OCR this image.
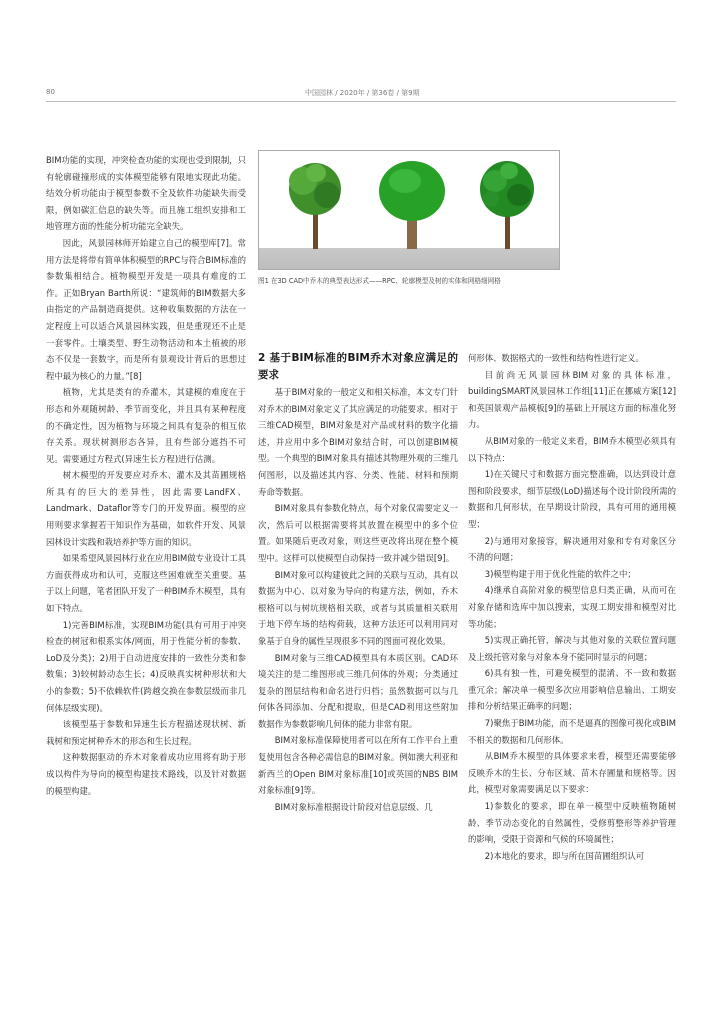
80	中国园林 / 2020年 / 第36卷 / 第9期

BIM功能的实现，冲突检查功能的实现也受到限制，只有轮廓碰撞形成的实体模型能够有限地实现此功能。结效分析功能由于模型参数不全及软件功能缺失而受限，例如碳汇信息的缺失等。而且施工组织安排和工地管理方面的性能分析功能完全缺失。

因此，风景园林师开始建立自己的模型库[7]。常用方法是将带有简单体积模型的RPC与符合BIM标准的参数集相结合。植物模型开发是一项具有难度的工作。正如Bryan Barth所说：“建筑师的BIM数据大多由指定的产品制造商提供。这种收集数据的方法在一定程度上可以适合风景园林实践，但是重现还不止是一套零件。土壤类型、野生动物活动和本土植被的形态不仅是一套数字，而是所有景观设计背后的思想过程中最为核心的力量。”[8]

植物，尤其是类有的乔灌木，其建模的难度在于形态和外观随树龄、季节而变化，并且具有某种程度的不确定性，因为植物与环境之间具有复杂的相互依存关系。现状树测形态各异，且有些部分遮挡不可见。需要通过方程式(异速生长方程)进行估测。

树木模型的开发要应对乔木、灌木及其苗圃规格所具有的巨大的差异性，因此需要LandFX、Landmark、Dataflor等专门的开发界面。模型的应用则要求掌握若干知识作为基础，如软件开发、风景园林设计实践和栽培养护等方面的知识。

如果希望风景园林行业在应用BIM做专业设计工具方面获得成功和认可，克服这些困难就至关重要。基于以上问题，笔者团队开发了一种BIM乔木模型，具有如下特点。

1)完善BIM标准，实现BIM功能(具有可用于冲突检查的树冠和根系实体/网面，用于性能分析的参数、LoD及分类)；2)用于自动进度安排的一致性分类和参数集；3)较树龄动态生长；4)反映真实树种形状和大小的参数；5)不依赖软件(跨越交换在参数层级而非几何体层级实现)。

该模型基于参数和异速生长方程描述现状树、新栽树和预定树种乔木的形态和生长过程。

这种数据驱动的乔木对象着成功应用将有助于形成以构件为导向的模型构建技术路线，以及针对数据的模型构建。

图1 在3D CAD中乔木的典型表达形式——RPC、轮廓模型及树的实体和网格细网格
2 基于BIM标准的BIM乔木对象应满足的要求

基于BIM对象的一般定义和相关标准，本文专门针对乔木的BIM对象定义了其应满足的功能要求。相对于三维CAD模型，BIM对象是对产品或材料的数字化描述，并应用中多个BIM对象结合时，可以创建BIM模型。一个典型的BIM对象具有描述其物理外观的三维几何图形，以及描述其内容、分类、性能、材料和预期寿命等数据。

BIM对象具有参数化特点，每个对象仅需要定义一次，然后可以根据需要将其放置在模型中的多个位置。如果随后更改对象，则这些更改将出现在整个模型中。这样可以使模型自动保持一致并减少错误[9]。

BIM对象可以构建彼此之间的关联与互动，具有以数据为中心、以对象为导向的构建方法，例如，乔木根格可以与树坑规格相关联，或者与其质量相关联用于地下停车场的结构荷载，这种方法还可以利用同对象基于自身的属性呈现很多不同的图面可视化效果。

BIM对象与三维CAD模型具有本质区别。CAD环境关注的是二维图形或三维几何体的外观；分类通过复杂的图层结构和命名进行归档；虽然数据可以与几何体各同添加、分配和提取，但是CAD利用这些附加数据作为参数影响几何体的能力非常有限。

BIM对象标准保障使用者可以在所有工作平台上重复使用包含各种必需信息的BIM对象。例如澳大利亚和新西兰的Open BIM对象标准[10]或英国的NBS BIM对象标准[9]等。

BIM对象标准根据设计阶段对信息层级、几

何形体、数据格式的一致性和结构性进行定义。

目前尚无风景园林BIM对象的具体标准，buildingSMART风景园林工作组[11]正在挪威方案[12]和英国景观产品模板[9]的基础上开展这方面的标准化努力。

从BIM对象的一般定义来看，BIM乔木模型必须具有以下特点：

1)在关键尺寸和数据方面完整准确，以达到设计意图和阶段要求，细节层级(LoD)描述每个设计阶段所需的数据和几何形状，在早期设计阶段，具有可用的通用模型；

2)与通用对象接容，解决通用对象和专有对象区分不清的问题；

3)模型构建于用于优化性能的软件之中；

4)继承自高阶对象的模型信息归类正确，从而可在对象存储和选库中加以搜索，实现工期安排和模型对比等功能；

5)实现正确托管，解决与其他对象的关联位置问题及上级托管对象与对象本身不能同时显示的问题；

6)具有独一性，可避免模型的混淆、不一致和数据重冗余；解决单一模型多次应用影响信息输出、工期安排和分析结果正确率的问题；

7)聚焦于BIM功能，而不是逼真的图像可视化或BIM不相关的数据和几何形体。

从BIM乔木模型的具体要求来看，模型还需要能够反映乔木的生长、分布区域、苗木存圃量和规格等。因此，模型对象需要满足以下要求：

1)参数化的要求，即在单一模型中反映植物随树龄、季节动态变化的自然属性，受修剪整形等养护管理的影响，受限于资源和气候的环境属性；

2)本地化的要求，即与所在国苗圃组织认可
